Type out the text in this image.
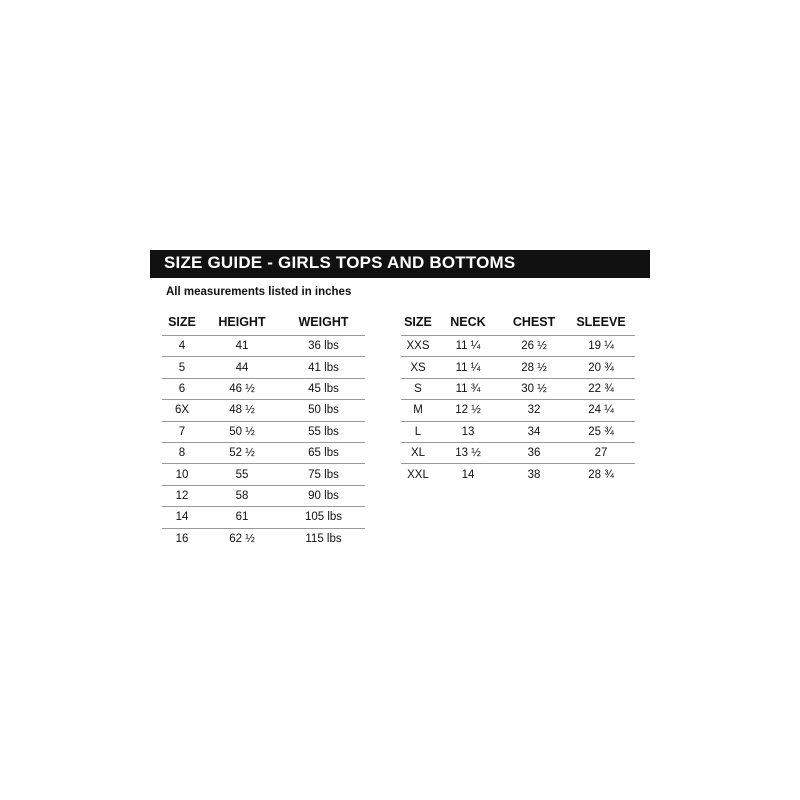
SIZE GUIDE - GIRLS TOPS AND BOTTOMS
All measurements listed in inches
SIZE	HEIGHT	WEIGHT
4	41	36 lbs
5	44	41 lbs
6	46 ½	45 lbs
6X	48 ½	50 lbs
7	50 ½	55 lbs
8	52 ½	65 lbs
10	55	75 lbs
12	58	90 lbs
14	61	105 lbs
16	62 ½	115 lbs
SIZE	NECK	CHEST	SLEEVE
XXS	11 ¼	26 ½	19 ¼
XS	11 ¼	28 ½	20 ¾
S	11 ¾	30 ½	22 ¾
M	12 ½	32	24 ¼
L	13	34	25 ¾
XL	13 ½	36	27
XXL	14	38	28 ¾
